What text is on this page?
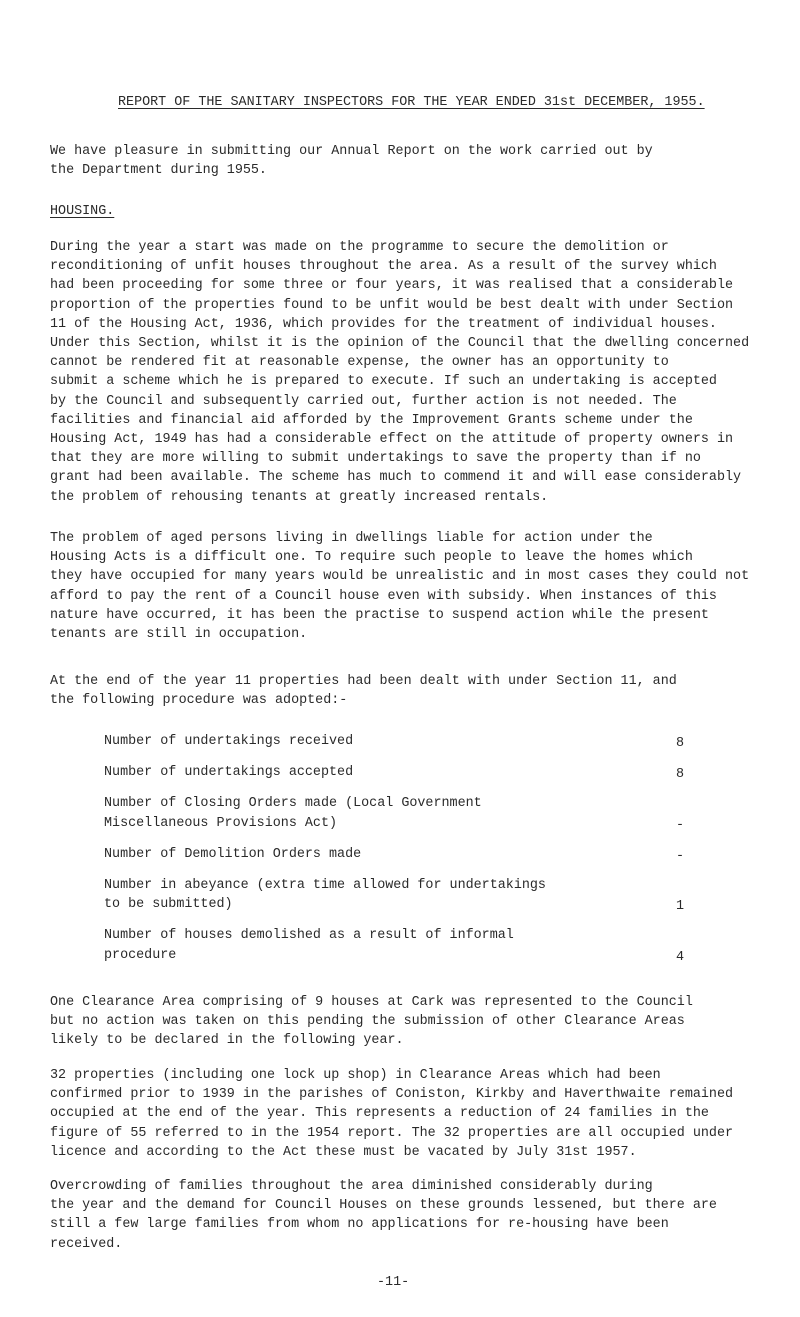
REPORT OF THE SANITARY INSPECTORS FOR THE YEAR ENDED 31st DECEMBER, 1955.

We have pleasure in submitting our Annual Report on the work carried out by
the Department during 1955.

HOUSING.

During the year a start was made on the programme to secure the demolition or
reconditioning of unfit houses throughout the area. As a result of the survey which
had been proceeding for some three or four years, it was realised that a considerable
proportion of the properties found to be unfit would be best dealt with under Section
11 of the Housing Act, 1936, which provides for the treatment of individual houses.
Under this Section, whilst it is the opinion of the Council that the dwelling concerned
cannot be rendered fit at reasonable expense, the owner has an opportunity to
submit a scheme which he is prepared to execute. If such an undertaking is accepted
by the Council and subsequently carried out, further action is not needed. The
facilities and financial aid afforded by the Improvement Grants scheme under the
Housing Act, 1949 has had a considerable effect on the attitude of property owners in
that they are more willing to submit undertakings to save the property than if no
grant had been available. The scheme has much to commend it and will ease considerably
the problem of rehousing tenants at greatly increased rentals.

The problem of aged persons living in dwellings liable for action under the
Housing Acts is a difficult one. To require such people to leave the homes which
they have occupied for many years would be unrealistic and in most cases they could not
afford to pay the rent of a Council house even with subsidy. When instances of this
nature have occurred, it has been the practise to suspend action while the present
tenants are still in occupation.

At the end of the year 11 properties had been dealt with under Section 11, and
the following procedure was adopted:-

Number of undertakings received	8
Number of undertakings accepted	8
Number of Closing Orders made (Local Government
Miscellaneous Provisions Act)	-
Number of Demolition Orders made	-
Number in abeyance (extra time allowed for undertakings
to be submitted)	1
Number of houses demolished as a result of informal
procedure	4

One Clearance Area comprising of 9 houses at Cark was represented to the Council
but no action was taken on this pending the submission of other Clearance Areas
likely to be declared in the following year.

32 properties (including one lock up shop) in Clearance Areas which had been
confirmed prior to 1939 in the parishes of Coniston, Kirkby and Haverthwaite remained
occupied at the end of the year. This represents a reduction of 24 families in the
figure of 55 referred to in the 1954 report. The 32 properties are all occupied under
licence and according to the Act these must be vacated by July 31st 1957.

Overcrowding of families throughout the area diminished considerably during
the year and the demand for Council Houses on these grounds lessened, but there are
still a few large families from whom no applications for re-housing have been
received.

-11-
